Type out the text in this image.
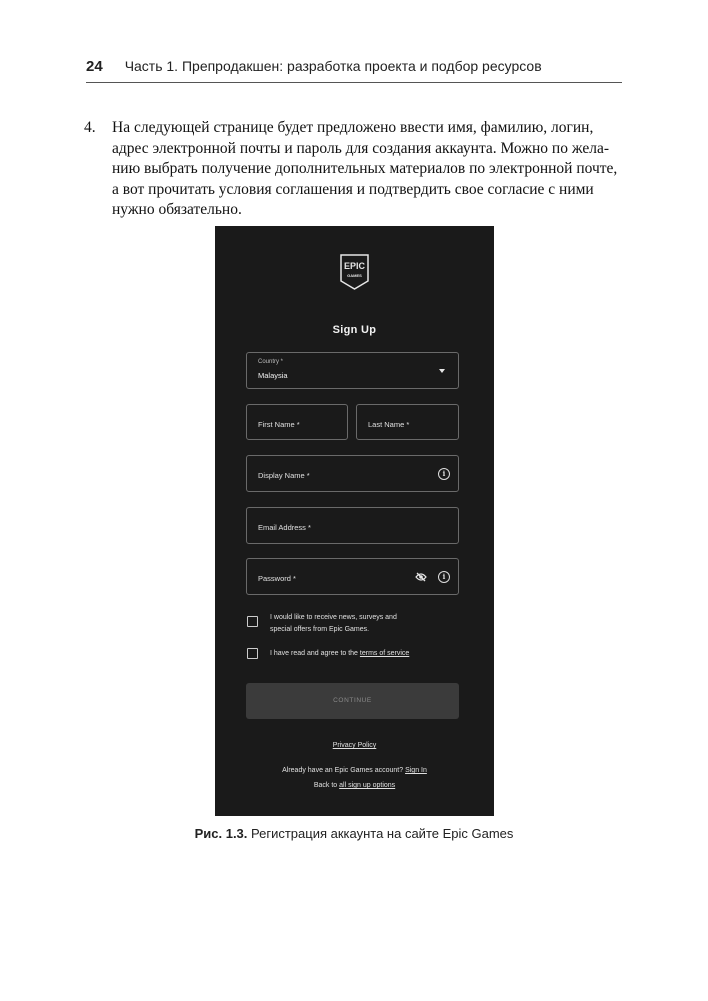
24 Часть 1. Препродакшен: разработка проекта и подбор ресурсов
4. На следующей странице будет предложено ввести имя, фамилию, логин,
адрес электронной почты и пароль для создания аккаунта. Можно по жела-
нию выбрать получение дополнительных материалов по электронной почте,
а вот прочитать условия соглашения и подтвердить свое согласие с ними
нужно обязательно.
EPIC
GAMES
Sign Up
Country *
Malaysia
First Name *	Last Name *
Display Name *	i
Email Address *
Password *	i
I would like to receive news, surveys and
special offers from Epic Games.
I have read and agree to the terms of service
CONTINUE
Privacy Policy
Already have an Epic Games account? Sign In
Back to all sign up options
Рис. 1.3. Регистрация аккаунта на сайте Epic Games
